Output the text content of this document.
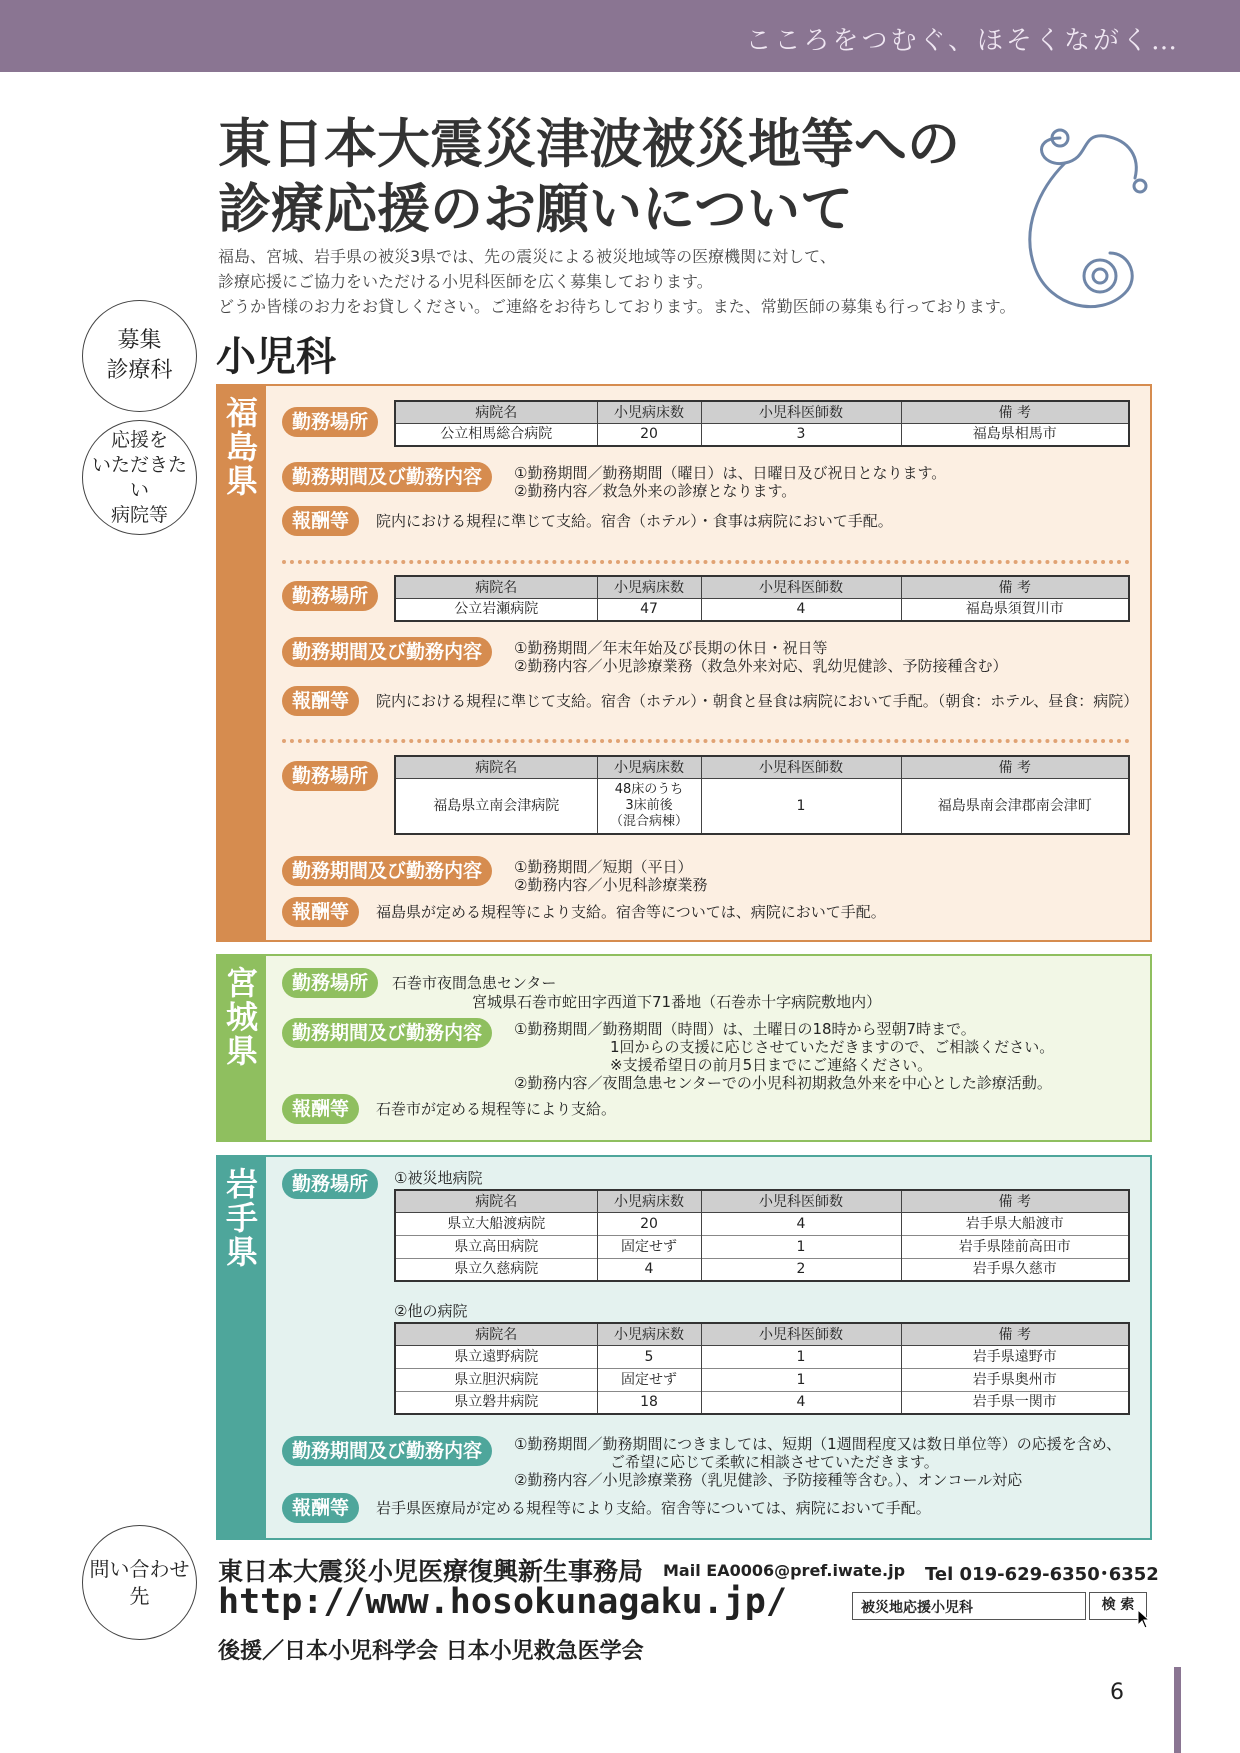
こころをつむぐ、ほそくながく…
東日本大震災津波被災地等への
診療応援のお願いについて
福島、宮城、岩手県の被災3県では、先の震災による被災地域等の医療機関に対して、
診療応援にご協力をいただける小児科医師を広く募集しております。
どうか皆様のお力をお貸しください。ご連絡をお待ちしております。また、常勤医師の募集も行っております。
募集
診療科
応援を
いただきたい
病院等
小児科
福
島
県
勤務場所	病院名	小児病床数	小児科医師数	備 考
公立相馬総合病院	20	3	福島県相馬市
勤務期間及び勤務内容	①勤務期間／勤務期間（曜日）は、日曜日及び祝日となります。
②勤務内容／救急外来の診療となります。
報酬等	院内における規程に準じて支給。宿舎（ホテル）・食事は病院において手配。
勤務場所	病院名	小児病床数	小児科医師数	備 考
公立岩瀬病院	47	4	福島県須賀川市
勤務期間及び勤務内容	①勤務期間／年末年始及び長期の休日・祝日等
②勤務内容／小児診療業務（救急外来対応、乳幼児健診、予防接種含む）
報酬等	院内における規程に準じて支給。宿舎（ホテル）・朝食と昼食は病院において手配。（朝食：ホテル、昼食：病院）
勤務場所	病院名	小児病床数	小児科医師数	備 考
福島県立南会津病院	48床のうち
3床前後
（混合病棟）	1	福島県南会津郡南会津町
勤務期間及び勤務内容	①勤務期間／短期（平日）
②勤務内容／小児科診療業務
報酬等	福島県が定める規程等により支給。宿舎等については、病院において手配。
宮
城
県
勤務場所	石巻市夜間急患センター
宮城県石巻市蛇田字西道下71番地（石巻赤十字病院敷地内）
勤務期間及び勤務内容	①勤務期間／勤務期間（時間）は、土曜日の18時から翌朝7時まで。
1回からの支援に応じさせていただきますので、ご相談ください。
※支援希望日の前月5日までにご連絡ください。
②勤務内容／夜間急患センターでの小児科初期救急外来を中心とした診療活動。
報酬等	石巻市が定める規程等により支給。
岩
手
県
勤務場所	①被災地病院
病院名	小児病床数	小児科医師数	備 考
県立大船渡病院	20	4	岩手県大船渡市
県立高田病院	固定せず	1	岩手県陸前高田市
県立久慈病院	4	2	岩手県久慈市
②他の病院
病院名	小児病床数	小児科医師数	備 考
県立遠野病院	5	1	岩手県遠野市
県立胆沢病院	固定せず	1	岩手県奥州市
県立磐井病院	18	4	岩手県一関市
勤務期間及び勤務内容	①勤務期間／勤務期間につきましては、短期（1週間程度又は数日単位等）の応援を含め、
ご希望に応じて柔軟に相談させていただきます。
②勤務内容／小児診療業務（乳児健診、予防接種等含む。）、オンコール対応
報酬等	岩手県医療局が定める規程等により支給。宿舎等については、病院において手配。
問い合わせ先
東日本大震災小児医療復興新生事務局 Mail EA0006@pref.iwate.jp Tel 019-629-6350･6352
http://www.hosokunagaku.jp/	被災地応援小児科	検 索
後援／日本小児科学会 日本小児救急医学会
6
